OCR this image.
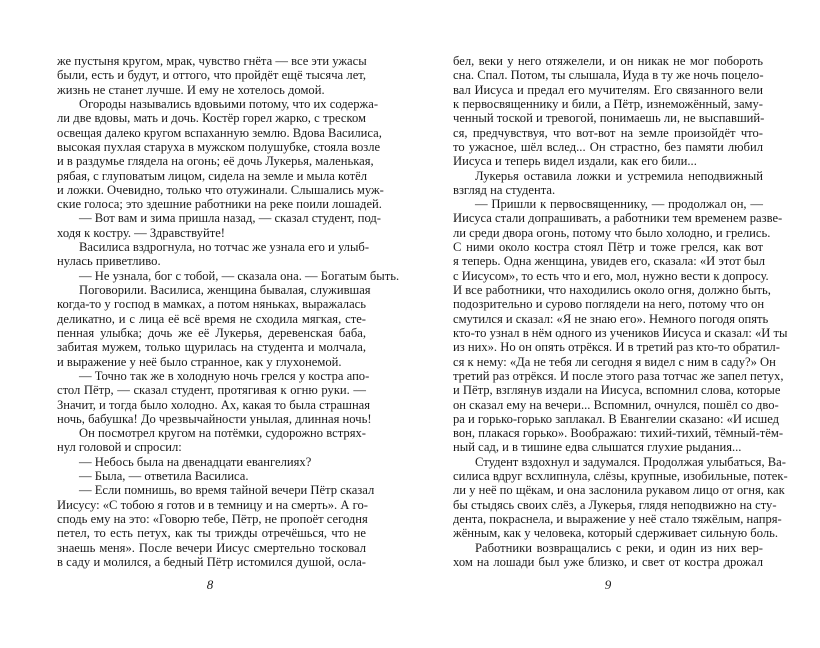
же пустыня кругом, мрак, чувство гнёта — все эти ужасы
были, есть и будут, и оттого, что пройдёт ещё тысяча лет,
жизнь не станет лучше. И ему не хотелось домой.
Огороды назывались вдовьими потому, что их содержа-
ли две вдовы, мать и дочь. Костёр горел жарко, с треском
освещая далеко кругом вспаханную землю. Вдова Василиса,
высокая пухлая старуха в мужском полушубке, стояла возле
и в раздумье глядела на огонь; её дочь Лукерья, маленькая,
рябая, с глуповатым лицом, сидела на земле и мыла котёл
и ложки. Очевидно, только что отужинали. Слышались муж-
ские голоса; это здешние работники на реке поили лошадей.
— Вот вам и зима пришла назад, — сказал студент, под-
ходя к костру. — Здравствуйте!
Василиса вздрогнула, но тотчас же узнала его и улыб-
нулась приветливо.
— Не узнала, бог с тобой, — сказала она. — Богатым быть.
Поговорили. Василиса, женщина бывалая, служившая
когда-то у господ в мамках, а потом няньках, выражалась
деликатно, и с лица её всё время не сходила мягкая, сте-
пенная улыбка; дочь же её Лукерья, деревенская баба,
забитая мужем, только щурилась на студента и молчала,
и выражение у неё было странное, как у глухонемой.
— Точно так же в холодную ночь грелся у костра апо-
стол Пётр, — сказал студент, протягивая к огню руки. —
Значит, и тогда было холодно. Ах, какая то была страшная
ночь, бабушка! До чрезвычайности унылая, длинная ночь!
Он посмотрел кругом на потёмки, судорожно встрях-
нул головой и спросил:
— Небось была на двенадцати евангелиях?
— Была, — ответила Василиса.
— Если помнишь, во время тайной вечери Пётр сказал
Иисусу: «С тобою я готов и в темницу и на смерть». А го-
сподь ему на это: «Говорю тебе, Пётр, не пропоёт сегодня
петел, то есть петух, как ты трижды отречёшься, что не
знаешь меня». После вечери Иисус смертельно тосковал
в саду и молился, а бедный Пётр истомился душой, осла-
8
бел, веки у него отяжелели, и он никак не мог побороть
сна. Спал. Потом, ты слышала, Иуда в ту же ночь поцело-
вал Иисуса и предал его мучителям. Его связанного вели
к первосвященнику и били, а Пётр, изнеможённый, заму-
ченный тоской и тревогой, понимаешь ли, не выспавший-
ся, предчувствуя, что вот-вот на земле произойдёт что-
то ужасное, шёл вслед... Он страстно, без памяти любил
Иисуса и теперь видел издали, как его били...
Лукерья оставила ложки и устремила неподвижный
взгляд на студента.
— Пришли к первосвященнику, — продолжал он, —
Иисуса стали допрашивать, а работники тем временем разве-
ли среди двора огонь, потому что было холодно, и грелись.
С ними около костра стоял Пётр и тоже грелся, как вот
я теперь. Одна женщина, увидев его, сказала: «И этот был
с Иисусом», то есть что и его, мол, нужно вести к допросу.
И все работники, что находились около огня, должно быть,
подозрительно и сурово поглядели на него, потому что он
смутился и сказал: «Я не знаю его». Немного погодя опять
кто-то узнал в нём одного из учеников Иисуса и сказал: «И ты
из них». Но он опять отрёкся. И в третий раз кто-то обратил-
ся к нему: «Да не тебя ли сегодня я видел с ним в саду?» Он
третий раз отрёкся. И после этого раза тотчас же запел петух,
и Пётр, взглянув издали на Иисуса, вспомнил слова, которые
он сказал ему на вечери... Вспомнил, очнулся, пошёл со дво-
ра и горько-горько заплакал. В Евангелии сказано: «И исшед
вон, плакася горько». Воображаю: тихий-тихий, тёмный-тём-
ный сад, и в тишине едва слышатся глухие рыдания...
Студент вздохнул и задумался. Продолжая улыбаться, Ва-
силиса вдруг всхлипнула, слёзы, крупные, изобильные, потек-
ли у неё по щёкам, и она заслонила рукавом лицо от огня, как
бы стыдясь своих слёз, а Лукерья, глядя неподвижно на сту-
дента, покраснела, и выражение у неё стало тяжёлым, напря-
жённым, как у человека, который сдерживает сильную боль.
Работники возвращались с реки, и один из них вер-
хом на лошади был уже близко, и свет от костра дрожал
9
